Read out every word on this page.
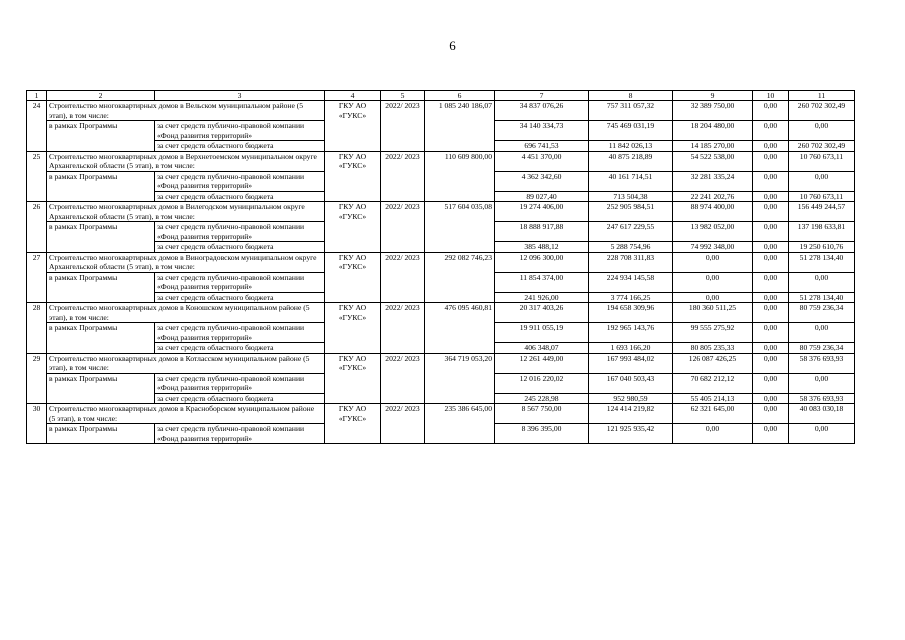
6
1	2	3	4	5	6	7	8	9	10	11
24	Строительство многоквартирных домов в Вельском муниципальном районе (5 этап), в том числе:		ГКУ АО «ГУКС»	2022/ 2023	1 085 240 186,07	34 837 076,26	757 311 057,32	32 389 750,00	0,00	260 702 302,49
	в рамках Программы	за счет средств публично-правовой компании «Фонд развития территорий»				34 140 334,73	745 469 031,19	18 204 480,00	0,00	0,00
		за счет средств областного бюджета				696 741,53	11 842 026,13	14 185 270,00	0,00	260 702 302,49
25	Строительство многоквартирных домов в Верхнетоемском муниципальном округе Архангельской области (5 этап), в том числе:		ГКУ АО «ГУКС»	2022/ 2023	110 609 800,00	4 451 370,00	40 875 218,89	54 522 538,00	0,00	10 760 673,11
	в рамках Программы	за счет средств публично-правовой компании «Фонд развития территорий»				4 362 342,60	40 161 714,51	32 281 335,24	0,00	0,00
		за счет средств областного бюджета				89 027,40	713 504,38	22 241 202,76	0,00	10 760 673,11
26	Строительство многоквартирных домов в Вилегодском муниципальном округе Архангельской области (5 этап), в том числе:		ГКУ АО «ГУКС»	2022/ 2023	517 604 035,08	19 274 406,00	252 905 984,51	88 974 400,00	0,00	156 449 244,57
	в рамках Программы	за счет средств публично-правовой компании «Фонд развития территорий»				18 888 917,88	247 617 229,55	13 982 052,00	0,00	137 198 633,81
		за счет средств областного бюджета				385 488,12	5 288 754,96	74 992 348,00	0,00	19 250 610,76
27	Строительство многоквартирных домов в Виноградовском муниципальном округе Архангельской области (5 этап), в том числе:		ГКУ АО «ГУКС»	2022/ 2023	292 082 746,23	12 096 300,00	228 708 311,83	0,00	0,00	51 278 134,40
	в рамках Программы	за счет средств публично-правовой компании «Фонд развития территорий»				11 854 374,00	224 934 145,58	0,00	0,00	0,00
		за счет средств областного бюджета				241 926,00	3 774 166,25	0,00	0,00	51 278 134,40
28	Строительство многоквартирных домов в Коношском муниципальном районе (5 этап), в том числе:		ГКУ АО «ГУКС»	2022/ 2023	476 095 460,81	20 317 403,26	194 658 309,96	180 360 511,25	0,00	80 759 236,34
	в рамках Программы	за счет средств публично-правовой компании «Фонд развития территорий»				19 911 055,19	192 965 143,76	99 555 275,92	0,00	0,00
		за счет средств областного бюджета				406 348,07	1 693 166,20	80 805 235,33	0,00	80 759 236,34
29	Строительство многоквартирных домов в Котласском муниципальном районе (5 этап), в том числе:		ГКУ АО «ГУКС»	2022/ 2023	364 719 053,20	12 261 449,00	167 993 484,02	126 087 426,25	0,00	58 376 693,93
	в рамках Программы	за счет средств публично-правовой компании «Фонд развития территорий»				12 016 220,02	167 040 503,43	70 682 212,12	0,00	0,00
		за счет средств областного бюджета				245 228,98	952 980,59	55 405 214,13	0,00	58 376 693,93
30	Строительство многоквартирных домов в Красноборском муниципальном районе (5 этап), в том числе:		ГКУ АО «ГУКС»	2022/ 2023	235 386 645,00	8 567 750,00	124 414 219,82	62 321 645,00	0,00	40 083 030,18
	в рамках Программы	за счет средств публично-правовой компании «Фонд развития территорий»				8 396 395,00	121 925 935,42	0,00	0,00	0,00
